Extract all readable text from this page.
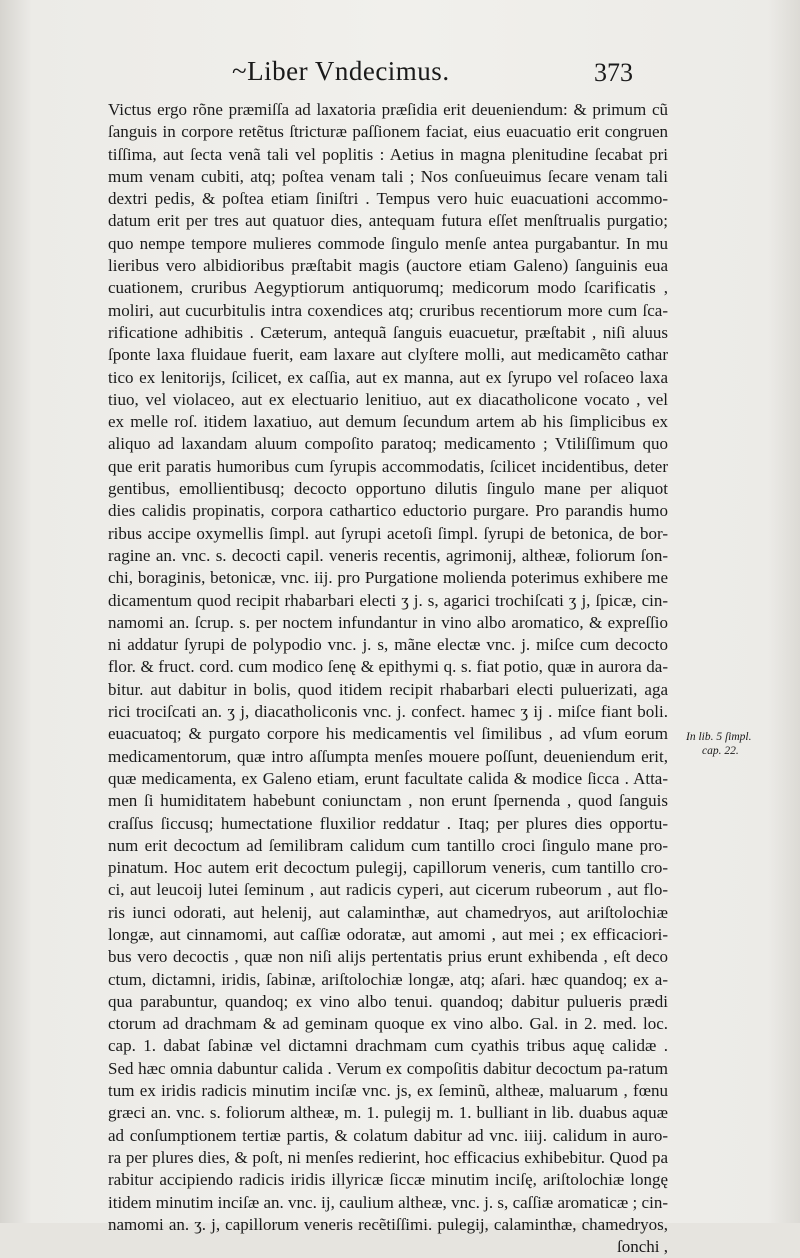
~Liber Vndecimus.	373
Victus ergo rõne præmiſſa ad laxatoria præſidia erit deueniendum: & primum cũ
ſanguis in corpore retẽtus ſtricturæ paſſionem faciat, eius euacuatio erit congruen
tiſſima, aut ſecta venã tali vel poplitis : Aetius in magna plenitudine ſecabat pri
mum venam cubiti, atq; poſtea venam tali ; Nos conſueuimus ſecare venam tali
dextri pedis, & poſtea etiam ſiniſtri . Tempus vero huic euacuationi accommo-
datum erit per tres aut quatuor dies, antequam futura eſſet menſtrualis purgatio;
quo nempe tempore mulieres commode ſingulo menſe antea purgabantur. In mu
lieribus vero albidioribus præſtabit magis (auctore etiam Galeno) ſanguinis eua
cuationem, cruribus Aegyptiorum antiquorumq; medicorum modo ſcarificatis ,
moliri, aut cucurbitulis intra coxendices atq; cruribus recentiorum more cum ſca-
rificatione adhibitis . Cæterum, antequã ſanguis euacuetur, præſtabit , niſi aluus
ſponte laxa fluidaue fuerit, eam laxare aut clyſtere molli, aut medicamẽto cathar
tico ex lenitorijs, ſcilicet, ex caſſia, aut ex manna, aut ex ſyrupo vel roſaceo laxa
tiuo, vel violaceo, aut ex electuario lenitiuo, aut ex diacatholicone vocato , vel
ex melle roſ. itidem laxatiuo, aut demum ſecundum artem ab his ſimplicibus ex
aliquo ad laxandam aluum compoſito paratoq; medicamento ; Vtiliſſimum quo
que erit paratis humoribus cum ſyrupis accommodatis, ſcilicet incidentibus, deter
gentibus, emollientibusq; decocto opportuno dilutis ſingulo mane per aliquot
dies calidis propinatis, corpora cathartico eductorio purgare. Pro parandis humo
ribus accipe oxymellis ſimpl. aut ſyrupi acetoſi ſimpl. ſyrupi de betonica, de bor-
ragine an. vnc. s. decocti capil. veneris recentis, agrimonij, altheæ, foliorum ſon-
chi, boraginis, betonicæ, vnc. iij. pro Purgatione molienda poterimus exhibere me
dicamentum quod recipit rhabarbari electi ʒ j. s, agarici trochiſcati ʒ j, ſpicæ, cin-
namomi an. ſcrup. s. per noctem infundantur in vino albo aromatico, & expreſſio
ni addatur ſyrupi de polypodio vnc. j. s, mãne electæ vnc. j. miſce cum decocto
flor. & fruct. cord. cum modico ſenę & epithymi q. s. fiat potio, quæ in aurora da-
bitur. aut dabitur in bolis, quod itidem recipit rhabarbari electi puluerizati, aga
rici trociſcati an. ʒ j, diacatholiconis vnc. j. confect. hamec ʒ ij . miſce fiant boli.
euacuatoq; & purgato corpore his medicamentis vel ſimilibus , ad vſum eorum
medicamentorum, quæ intro aſſumpta menſes mouere poſſunt, deueniendum erit,
quæ medicamenta, ex Galeno etiam, erunt facultate calida & modice ſicca . Atta-
men ſi humiditatem habebunt coniunctam , non erunt ſpernenda , quod ſanguis
craſſus ſiccusq; humectatione fluxilior reddatur . Itaq; per plures dies opportu-
num erit decoctum ad ſemilibram calidum cum tantillo croci ſingulo mane pro-
pinatum. Hoc autem erit decoctum pulegij, capillorum veneris, cum tantillo cro-
ci, aut leucoij lutei ſeminum , aut radicis cyperi, aut cicerum rubeorum , aut flo-
ris iunci odorati, aut helenij, aut calaminthæ, aut chamedryos, aut ariſtolochiæ
longæ, aut cinnamomi, aut caſſiæ odoratæ, aut amomi , aut mei ; ex efficaciori-
bus vero decoctis , quæ non niſi alijs pertentatis prius erunt exhibenda , eſt deco
ctum, dictamni, iridis, ſabinæ, ariſtolochiæ longæ, atq; aſari. hæc quandoq; ex a-
qua parabuntur, quandoq; ex vino albo tenui. quandoq; dabitur pulueris prædi
ctorum ad drachmam & ad geminam quoque ex vino albo. Gal. in 2. med. loc.
cap. 1. dabat ſabinæ vel dictamni drachmam cum cyathis tribus aquę calidæ .
Sed hæc omnia dabuntur calida . Verum ex compoſitis dabitur decoctum pa-ratum
tum ex iridis radicis minutim inciſæ vnc. js, ex ſeminũ, altheæ, maluarum , fœnu
græci an. vnc. s. foliorum altheæ, m. 1. pulegij m. 1. bulliant in lib. duabus aquæ
ad conſumptionem tertiæ partis, & colatum dabitur ad vnc. iiij. calidum in auro-
ra per plures dies, & poſt, ni menſes redierint, hoc efficacius exhibebitur. Quod pa
rabitur accipiendo radicis iridis illyricæ ſiccæ minutim inciſę, ariſtolochiæ longę
itidem minutim inciſæ an. vnc. ij, caulium altheæ, vnc. j. s, caſſiæ aromaticæ ; cin-
namomi an. ʒ. j, capillorum veneris recẽtiſſimi. pulegij, calaminthæ, chamedryos,
ſonchi ,
In lib. 5 ſimpl.
cap. 22.
